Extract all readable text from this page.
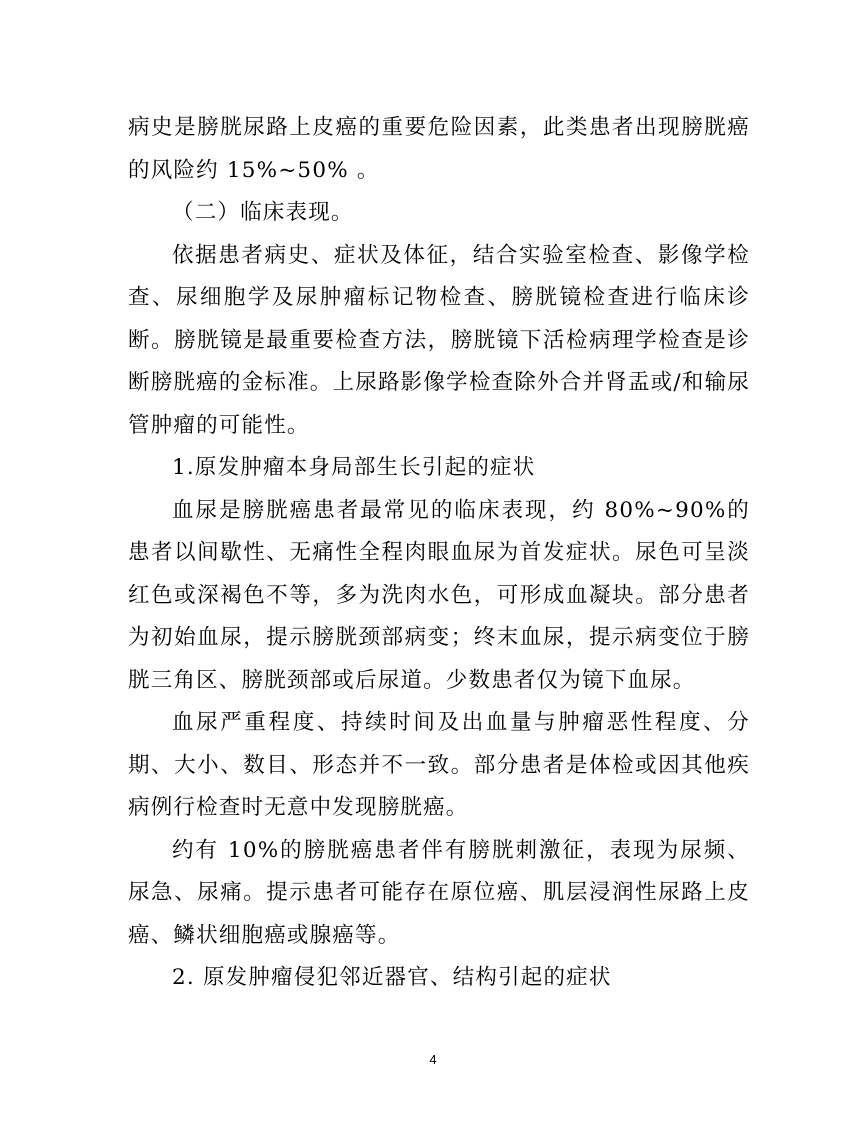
病史是膀胱尿路上皮癌的重要危险因素，此类患者出现膀胱癌的风险约 15%~50% 。

（二）临床表现。

依据患者病史、症状及体征，结合实验室检查、影像学检查、尿细胞学及尿肿瘤标记物检查、膀胱镜检查进行临床诊断。膀胱镜是最重要检查方法，膀胱镜下活检病理学检查是诊断膀胱癌的金标准。上尿路影像学检查除外合并肾盂或/和输尿管肿瘤的可能性。

1.原发肿瘤本身局部生长引起的症状

血尿是膀胱癌患者最常见的临床表现，约 80%~90%的患者以间歇性、无痛性全程肉眼血尿为首发症状。尿色可呈淡红色或深褐色不等，多为洗肉水色，可形成血凝块。部分患者为初始血尿，提示膀胱颈部病变；终末血尿，提示病变位于膀胱三角区、膀胱颈部或后尿道。少数患者仅为镜下血尿。

血尿严重程度、持续时间及出血量与肿瘤恶性程度、分期、大小、数目、形态并不一致。部分患者是体检或因其他疾病例行检查时无意中发现膀胱癌。

约有 10%的膀胱癌患者伴有膀胱刺激征，表现为尿频、尿急、尿痛。提示患者可能存在原位癌、肌层浸润性尿路上皮癌、鳞状细胞癌或腺癌等。

2. 原发肿瘤侵犯邻近器官、结构引起的症状

4
